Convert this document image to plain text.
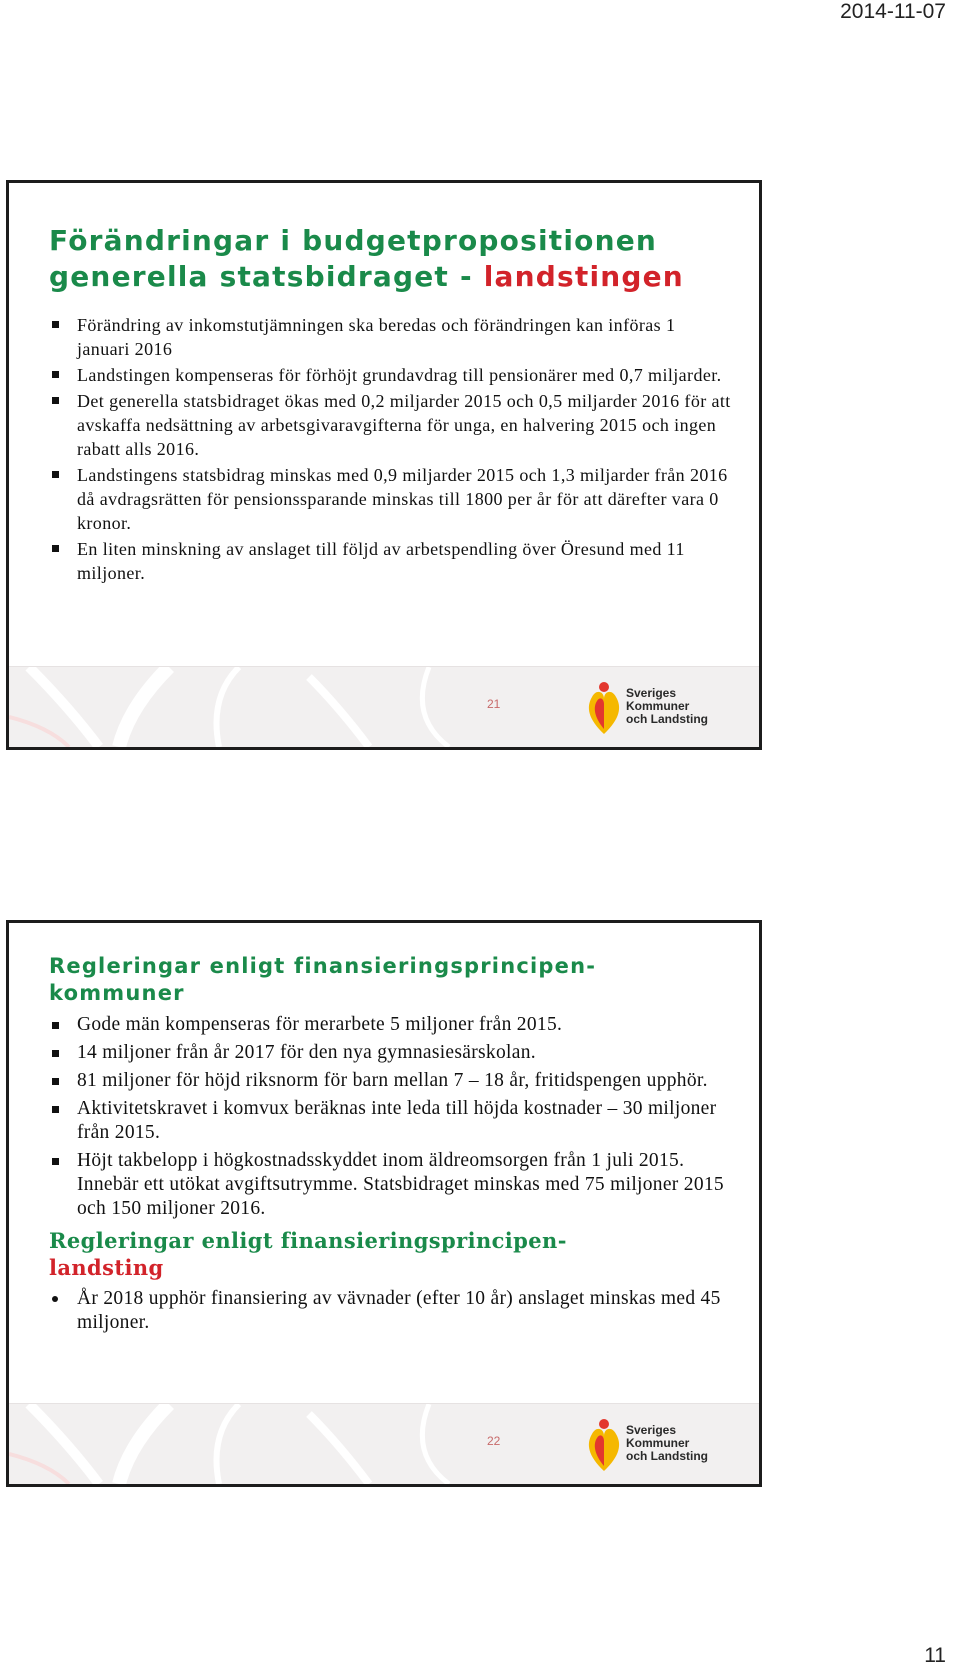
2014-11-07
Förändringar i budgetpropositionen
generella statsbidraget - landstingen
Förändring av inkomstutjämningen ska beredas och förändringen kan införas 1 januari 2016
Landstingen kompenseras för förhöjt grundavdrag till pensionärer med 0,7 miljarder.
Det generella statsbidraget ökas med 0,2 miljarder 2015 och 0,5 miljarder 2016 för att avskaffa nedsättning av arbetsgivaravgifterna för unga, en halvering 2015 och ingen rabatt alls 2016.
Landstingens statsbidrag minskas med 0,9 miljarder 2015 och 1,3 miljarder från 2016 då avdragsrätten för pensionssparande minskas till 1800 per år för att därefter vara 0 kronor.
En liten minskning av anslaget till följd av arbetspendling över Öresund med 11 miljoner.
21
Sveriges
Kommuner
och Landsting
Regleringar enligt finansieringsprincipen-
kommuner
Gode män kompenseras för merarbete 5 miljoner från 2015.
14 miljoner från år 2017 för den nya gymnasiesärskolan.
81 miljoner för höjd riksnorm för barn mellan 7 – 18 år, fritidspengen upphör.
Aktivitetskravet i komvux beräknas inte leda till höjda kostnader – 30 miljoner från 2015.
Höjt takbelopp i högkostnadsskyddet inom äldreomsorgen från 1 juli 2015. Innebär ett utökat avgiftsutrymme. Statsbidraget minskas med 75 miljoner 2015 och 150 miljoner 2016.
Regleringar enligt finansieringsprincipen-
landsting
År 2018 upphör finansiering av vävnader (efter 10 år) anslaget minskas med 45 miljoner.
22
Sveriges
Kommuner
och Landsting
11
